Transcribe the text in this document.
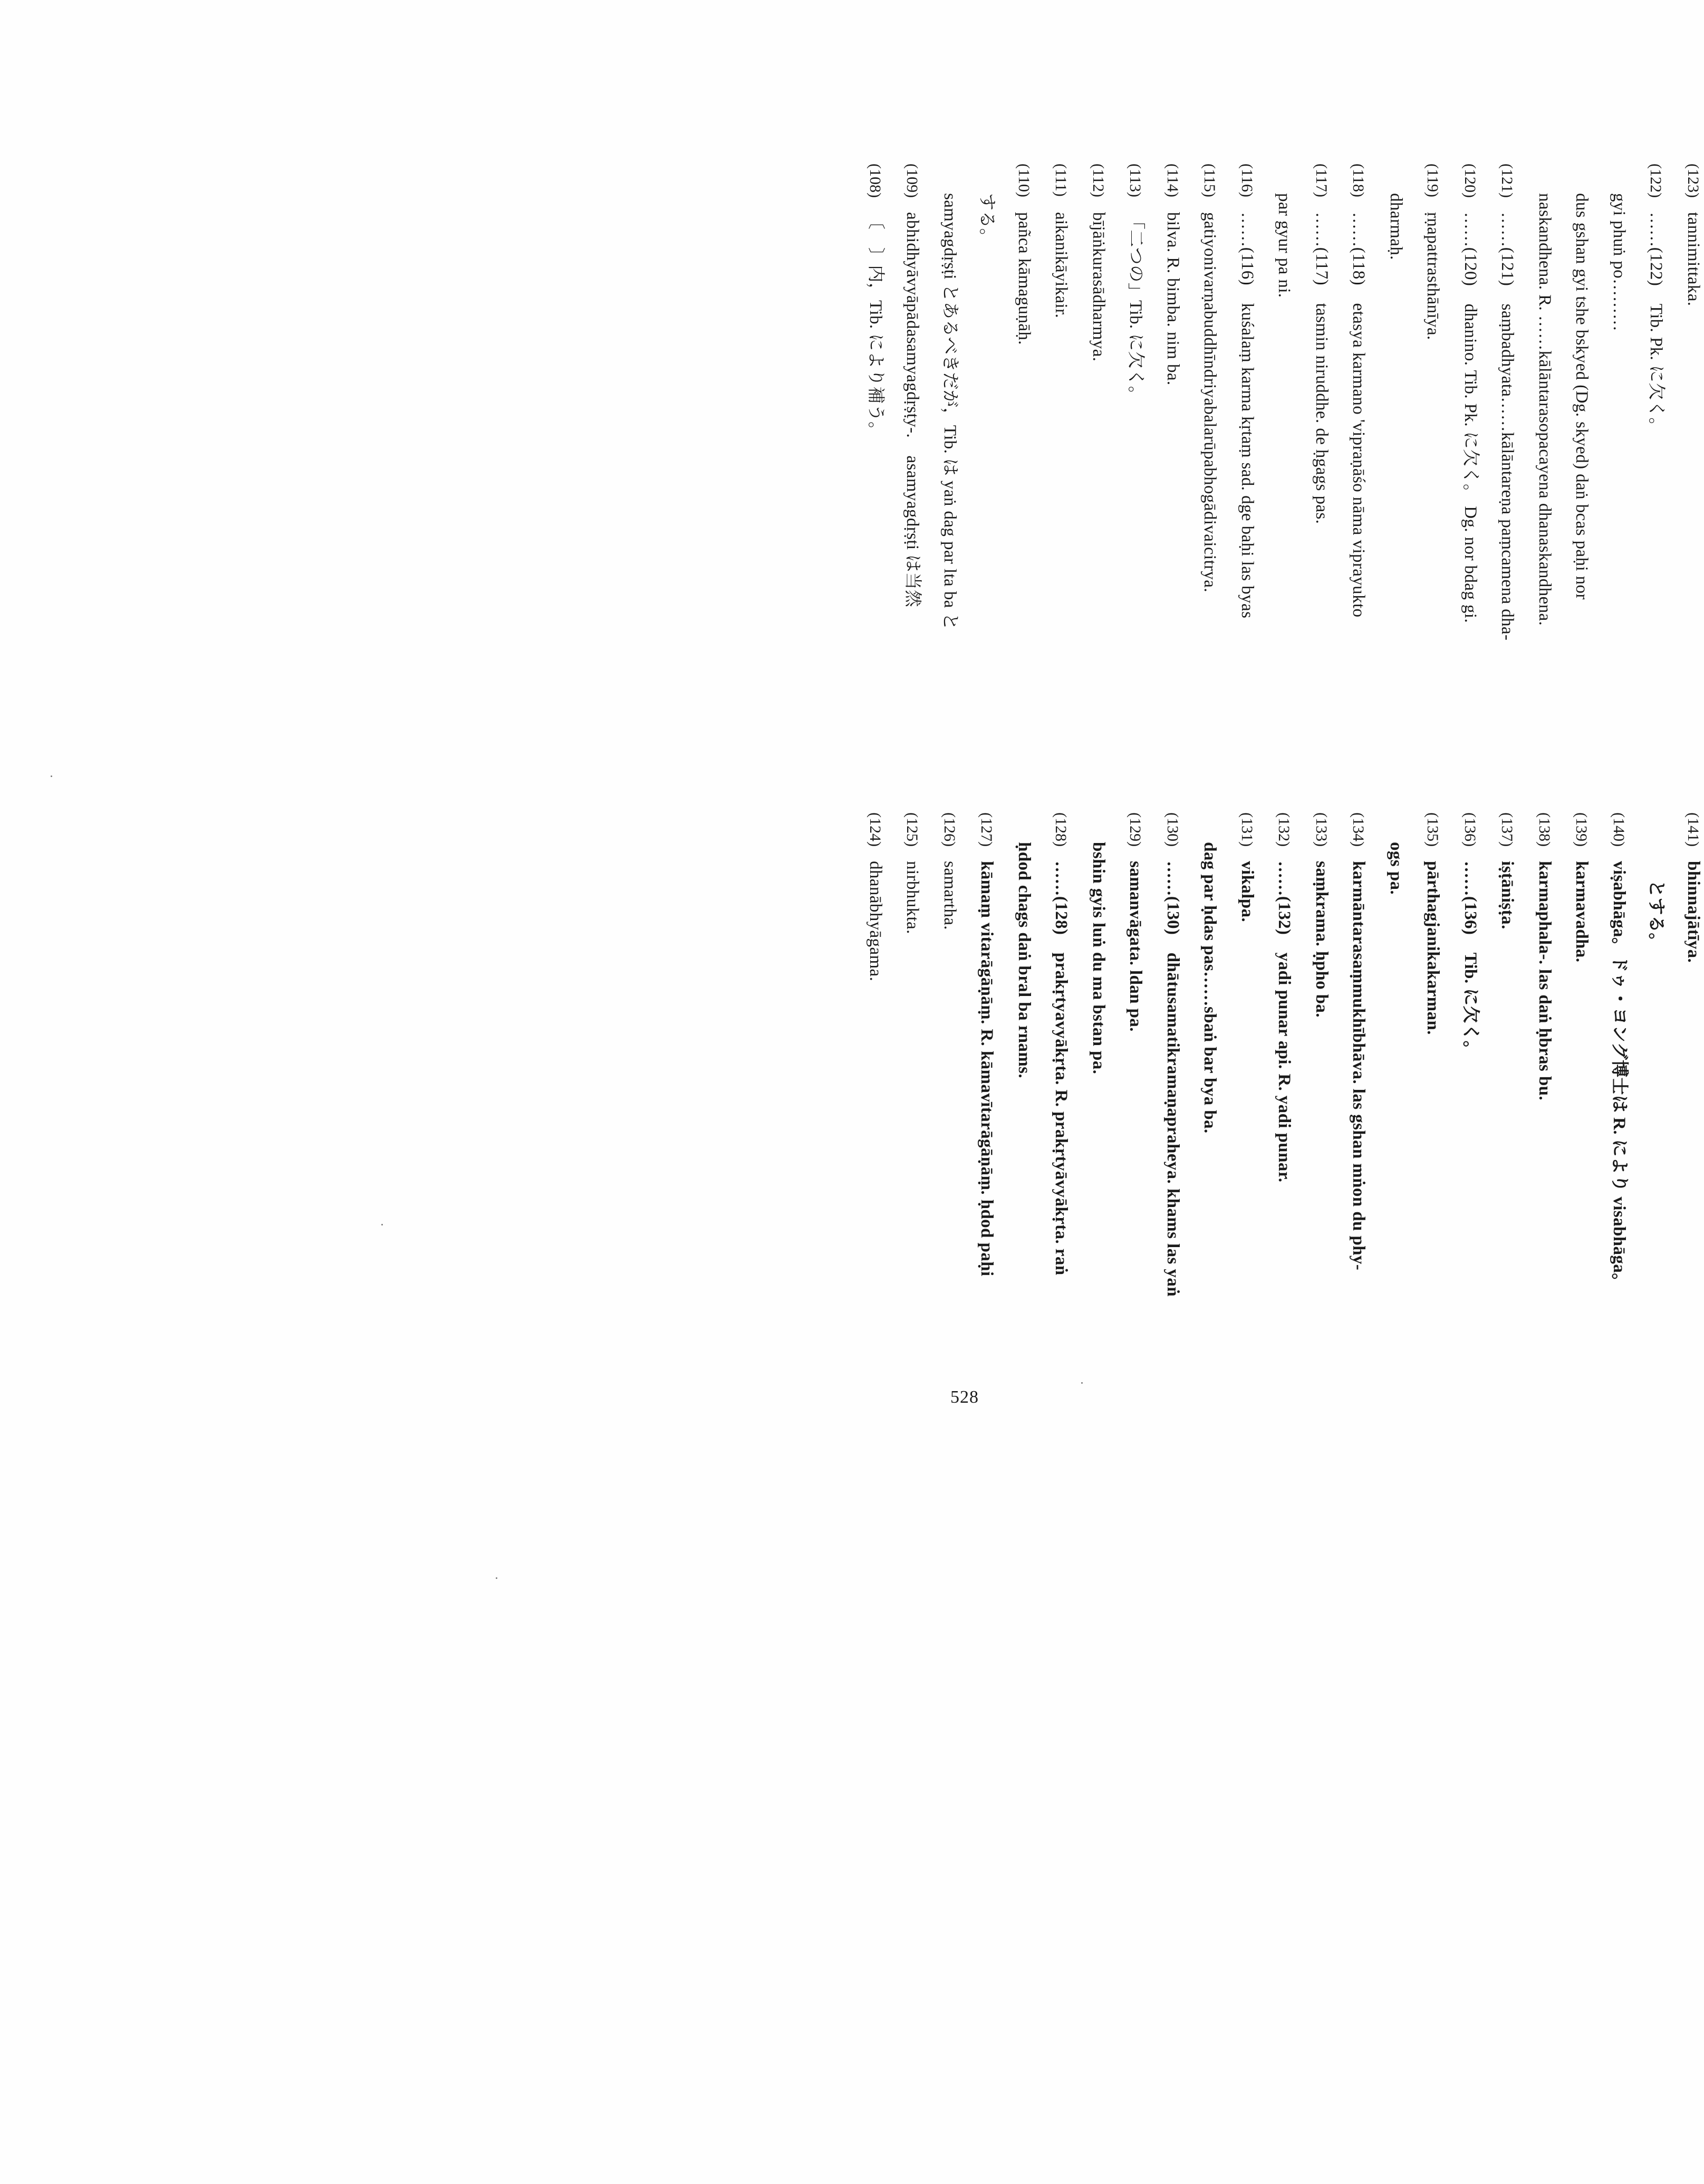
(108)〔　〕内，Tib. により補う。
(109)abhidhyāvyāpādasamyagdṛṣṭy-.　asamyagdṛṣṭi は当然 samyagdṛṣṭi とあるべきだが，Tib. は yaṅ dag par lta ba と する。
(110)pañca kāmaguṇāḥ.
(111)aikanikāyikair.
(112)bījāṅkurasādharmya.
(113)「二つの」Tib. に欠く。
(114)bilva. R. bimba. nim ba.
(115)gatiyonivarṇabuddhīndriyabalarūpabhogādivaicitrya.
(116)……(116)　kuśalaṃ karma kṛtaṃ sad. dge baḥi las byas par gyur pa ni.
(117)……(117)　tasmin niruddhe. de ḥgags pas.
(118)……(118)　etasya karmano 'vipraṇāśo nāma viprayukto dharmaḥ.
(119)ṛṇapattrasthānīya.
(120)……(120)　dhanino. Tib. Pk. に欠く。 Dg. nor bdag gi.
(121)……(121)　saṃbadhyata……kālāntareṇa paṃcamena dha- naskandhena. R. ……kālāntarasopacayena dhanaskandhena. dus gshan gyi tshe bskyed (Dg. skyed) daṅ bcas paḥi nor gyi phuṅ po………
(122)……(122)　Tib. Pk. に欠く。
(123)tannimittaka.
(124)dhanābhyāgama.
(125)nirbhukta.
(126)samartha.
(127)kāmaṃ vitarāgāṇāṃ. R. kāmavītarāgāṇāṃ. ḥdod paḥi ḥdod chags daṅ bral ba rnams.
(128)……(128)　prakṛtyavyākṛta. R. prakṛtyāvyākṛta. raṅ bshin gyis luṅ du ma bstan pa.
(129)samanvāgata. ldan pa.
(130)……(130)　dhātusamatikramaṇapraheya. khams las yaṅ dag par ḥdas pas……sbaṅ bar bya ba.
(131)vikalpa.
(132)……(132)　yadi punar api. R. yadi punar.
(133)saṃkrama. ḥpho ba.
(134)karmāntarasaṃmukhībhāva. las gshan mṅon du phy- ogs pa.
(135)pārthagjanikakarman.
(136)……(136)　Tib. に欠く。
(137)iṣṭāniṣṭa.
(138)karmaphala-. las daṅ ḥbras bu.
(139)karmavadha.
(140)viṣabhāga。ドゥ・ヨング博士は R. により visabhāga。 とする。
(141)bhinnajātīya.
528
